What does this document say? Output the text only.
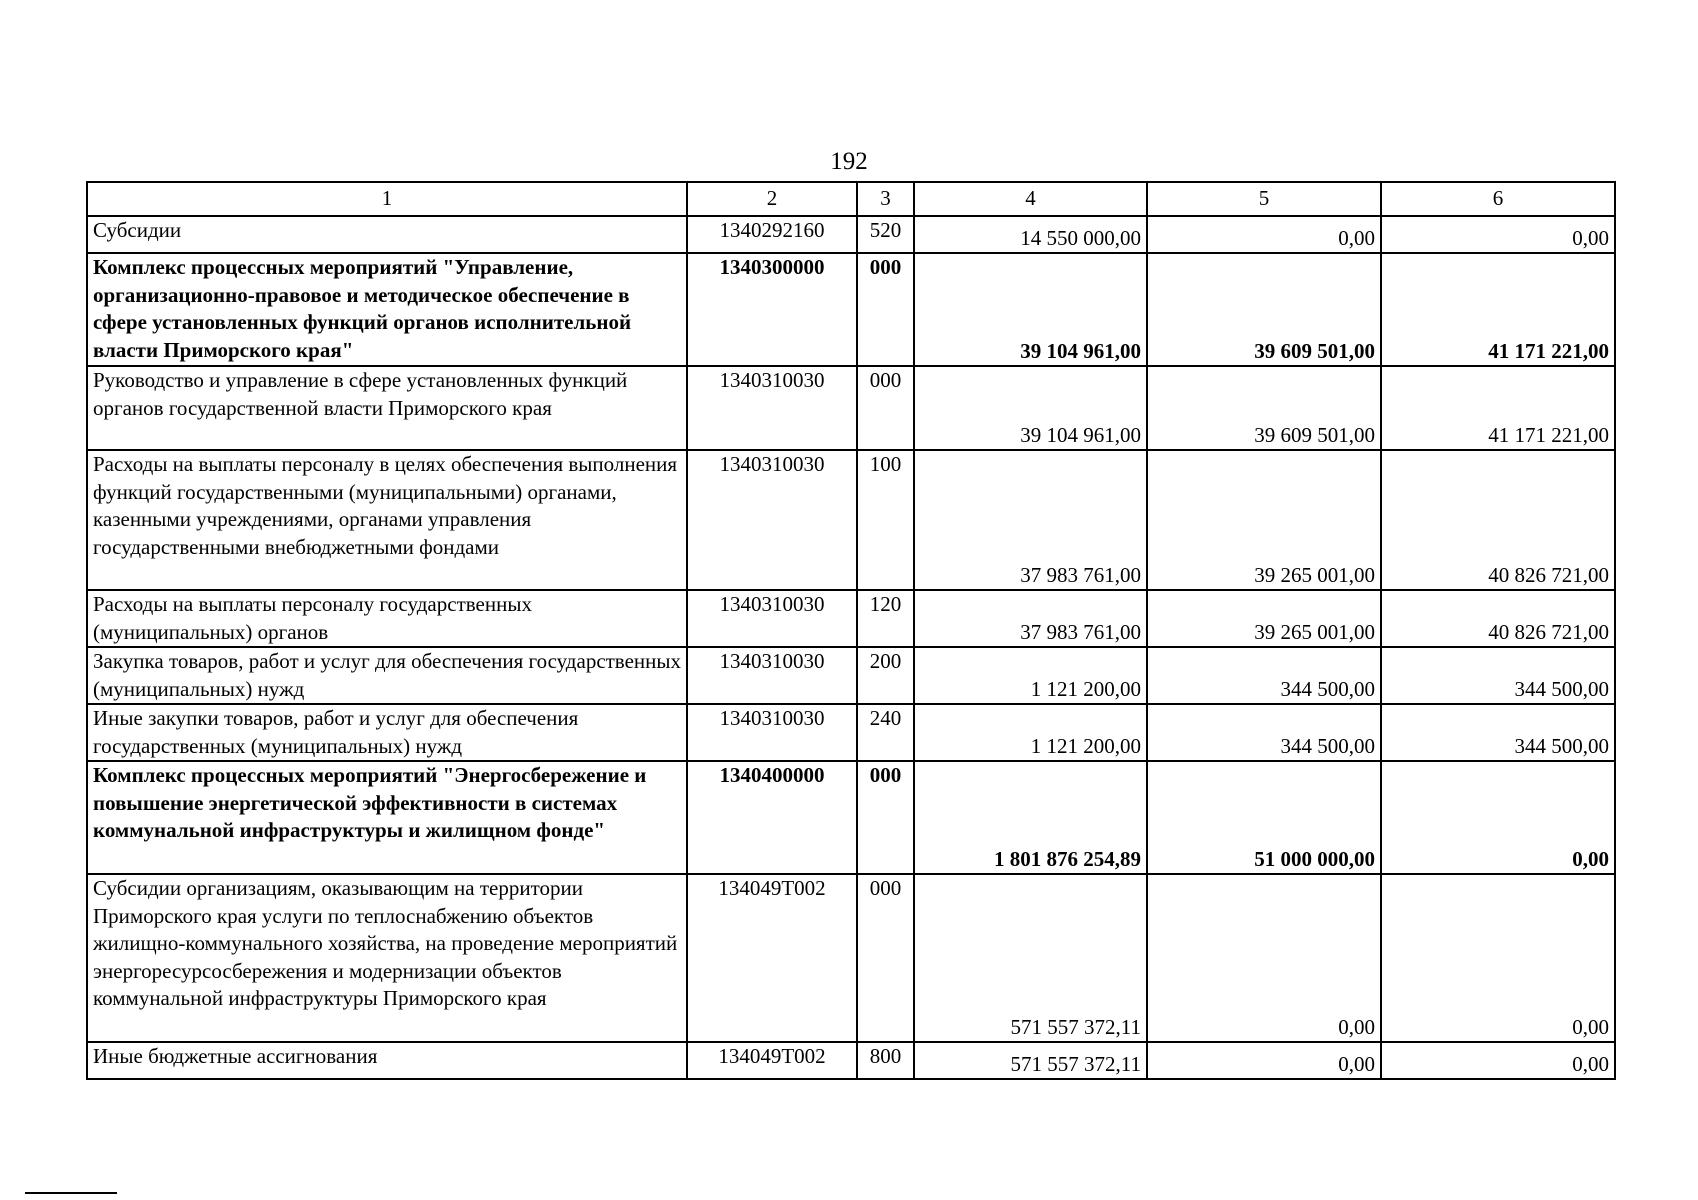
192
1	2	3	4	5	6
Субсидии	1340292160	520	14 550 000,00	0,00	0,00
Комплекс процессных мероприятий "Управление, организационно-правовое и методическое обеспечение в сфере установленных функций органов исполнительной власти Приморского края"	1340300000	000	39 104 961,00	39 609 501,00	41 171 221,00
Руководство и управление в сфере установленных функций органов государственной власти Приморского края	1340310030	000	39 104 961,00	39 609 501,00	41 171 221,00
Расходы на выплаты персоналу в целях обеспечения выполнения функций государственными (муниципальными) органами, казенными учреждениями, органами управления государственными внебюджетными фондами	1340310030	100	37 983 761,00	39 265 001,00	40 826 721,00
Расходы на выплаты персоналу государственных (муниципальных) органов	1340310030	120	37 983 761,00	39 265 001,00	40 826 721,00
Закупка товаров, работ и услуг для обеспечения государственных (муниципальных) нужд	1340310030	200	1 121 200,00	344 500,00	344 500,00
Иные закупки товаров, работ и услуг для обеспечения государственных (муниципальных) нужд	1340310030	240	1 121 200,00	344 500,00	344 500,00
Комплекс процессных мероприятий "Энергосбережение и повышение энергетической эффективности в системах коммунальной инфраструктуры и жилищном фонде"	1340400000	000	1 801 876 254,89	51 000 000,00	0,00
Субсидии организациям, оказывающим на территории Приморского края услуги по теплоснабжению объектов жилищно-коммунального хозяйства, на проведение мероприятий энергоресурсосбережения и модернизации объектов коммунальной инфраструктуры Приморского края	134049Т002	000	571 557 372,11	0,00	0,00
Иные бюджетные ассигнования	134049Т002	800	571 557 372,11	0,00	0,00
